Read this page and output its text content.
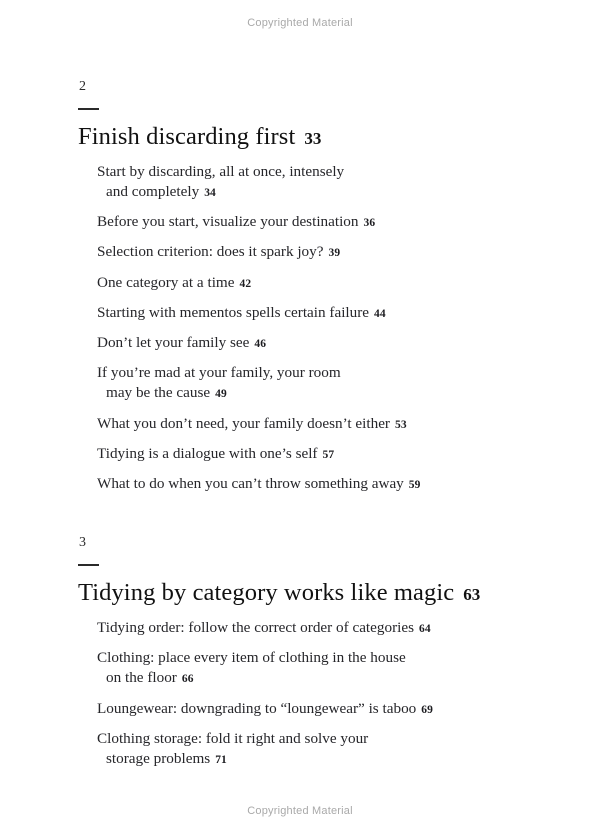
Copyrighted Material
2
Finish discarding first 33
Start by discarding, all at once, intensely
and completely 34
Before you start, visualize your destination 36
Selection criterion: does it spark joy? 39
One category at a time 42
Starting with mementos spells certain failure 44
Don’t let your family see 46
If you’re mad at your family, your room
may be the cause 49
What you don’t need, your family doesn’t either 53
Tidying is a dialogue with one’s self 57
What to do when you can’t throw something away 59
3
Tidying by category works like magic 63
Tidying order: follow the correct order of categories 64
Clothing: place every item of clothing in the house
on the floor 66
Loungewear: downgrading to “loungewear” is taboo 69
Clothing storage: fold it right and solve your
storage problems 71
Copyrighted Material
